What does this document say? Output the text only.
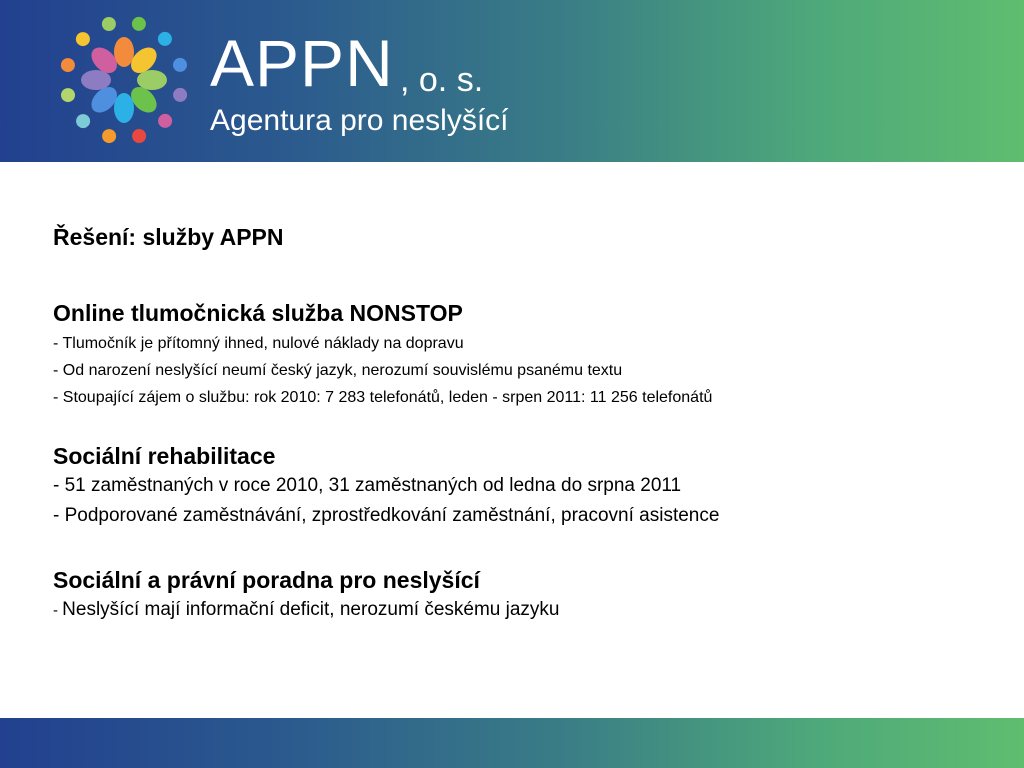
APPN , o. s.
Agentura pro neslyšící
Řešení: služby APPN
Online tlumočnická služba NONSTOP
- Tlumočník je přítomný ihned, nulové náklady na dopravu
- Od narození neslyšící neumí český jazyk, nerozumí souvislému psanému textu
- Stoupající zájem o službu: rok 2010: 7 283 telefonátů, leden - srpen 2011: 11 256 telefonátů
Sociální rehabilitace
- 51 zaměstnaných v roce 2010, 31 zaměstnaných od ledna do srpna 2011
- Podporované zaměstnávání, zprostředkování zaměstnání, pracovní asistence
Sociální a právní poradna pro neslyšící
- Neslyšící mají informační deficit, nerozumí českému jazyku
